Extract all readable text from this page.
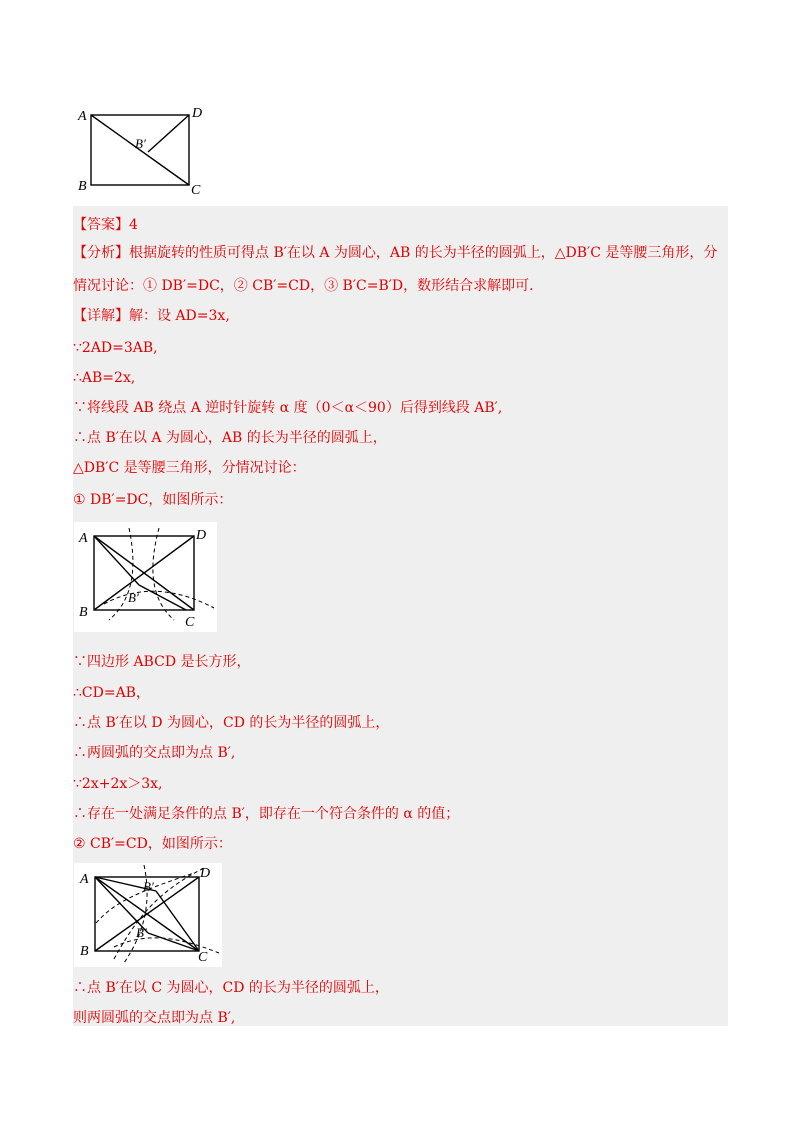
A	D
B	C
B′
【答案】4
【分析】根据旋转的性质可得点 B′在以 A 为圆心，AB 的长为半径的圆弧上，△DB′C 是等腰三角形，分情况讨论：① DB′=DC，② CB′=CD，③ B′C=B′D，数形结合求解即可.
【详解】解：设 AD=3x,
∵2AD=3AB,
∴AB=2x,
∵将线段 AB 绕点 A 逆时针旋转 α 度（0＜α＜90）后得到线段 AB′,
∴点 B′在以 A 为圆心，AB 的长为半径的圆弧上，
△DB′C 是等腰三角形，分情况讨论：
① DB′=DC，如图所示：
A	D
B
C
B′
∵四边形 ABCD 是长方形，
∴CD=AB，
∴点 B′在以 D 为圆心，CD 的长为半径的圆弧上，
∴两圆弧的交点即为点 B′,
∵2x+2x＞3x,
∴存在一处满足条件的点 B′，即存在一个符合条件的 α 的值；
② CB′=CD，如图所示：
A	D
B	C
B′
B′
∴点 B′在以 C 为圆心，CD 的长为半径的圆弧上，
则两圆弧的交点即为点 B′,
